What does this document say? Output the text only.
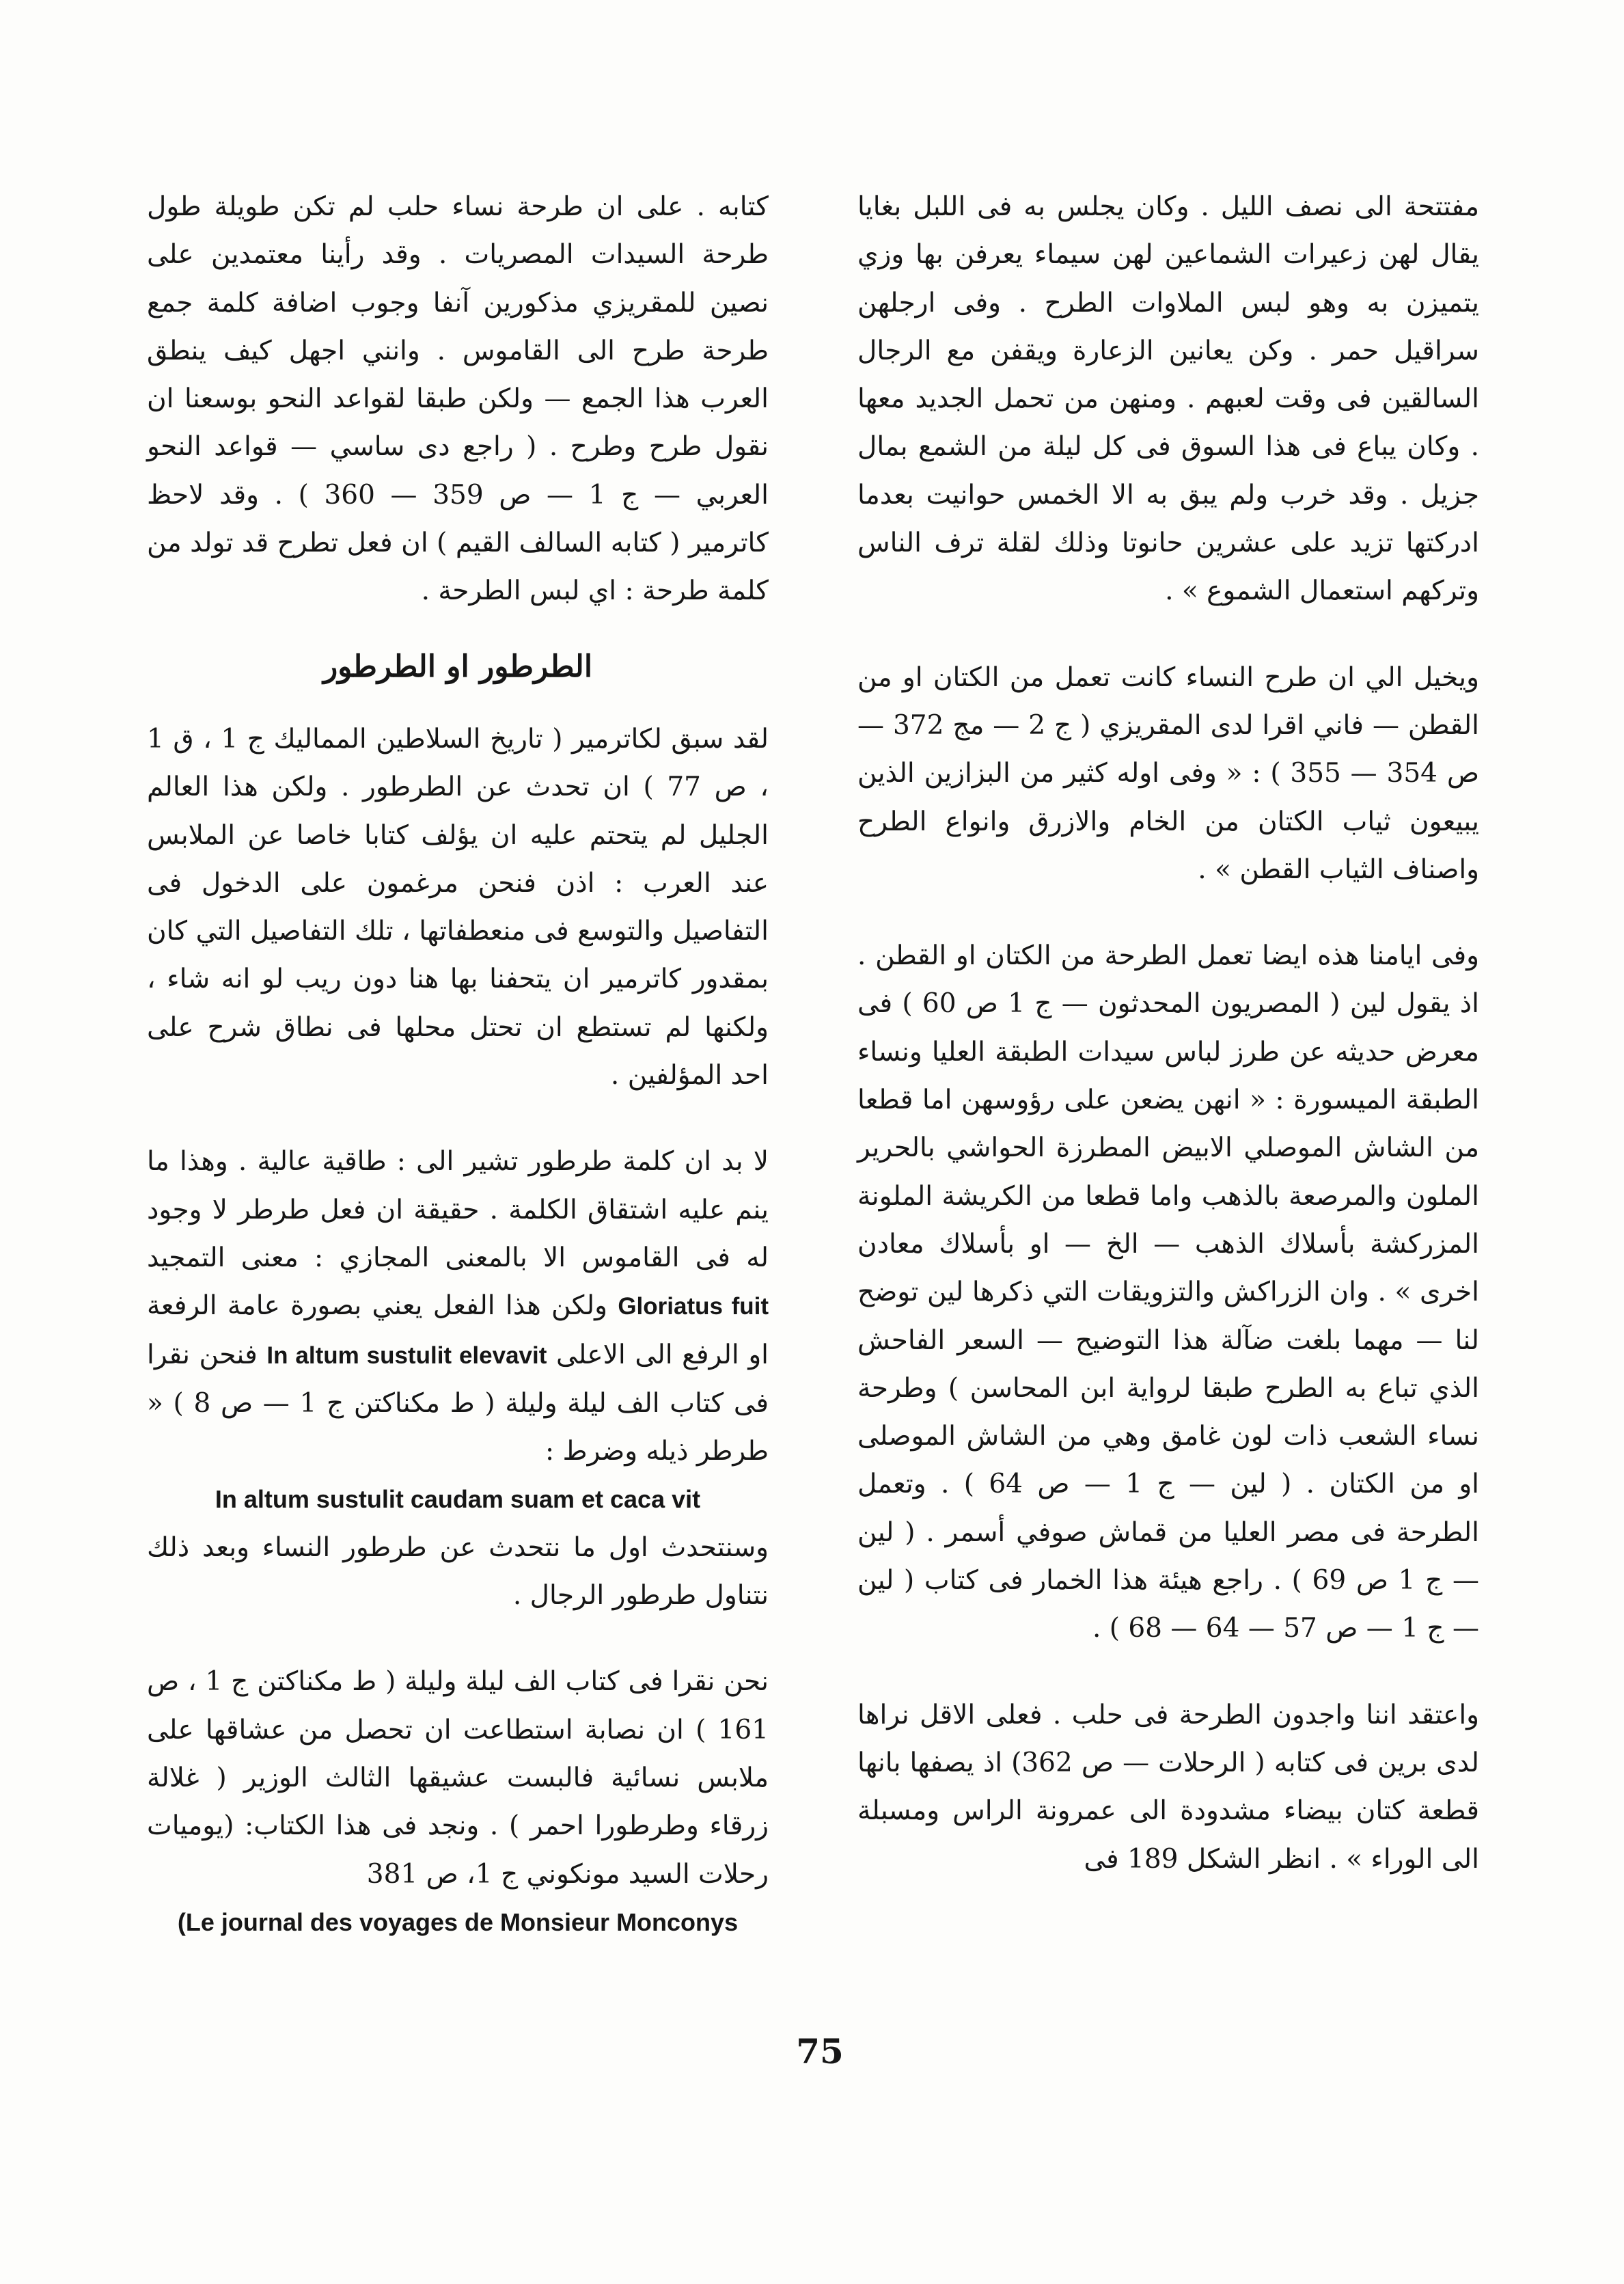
مفتتحة الى نصف الليل . وكان يجلس به فى اللبل بغايا يقال لهن زعيرات الشماعين لهن سيماء يعرفن بها وزي يتميزن به وهو لبس الملاوات الطرح . وفى ارجلهن سراقيل حمر . وكن يعانين الزعارة ويقفن مع الرجال السالقين فى وقت لعبهم . ومنهن من تحمل الجديد معها . وكان يباع فى هذا السوق فى كل ليلة من الشمع بمال جزيل . وقد خرب ولم يبق به الا الخمس حوانيت بعدما ادركتها تزيد على عشرين حانوتا وذلك لقلة ترف الناس وتركهم استعمال الشموع » .

ويخيل الي ان طرح النساء كانت تعمل من الكتان او من القطن — فاني اقرا لدى المقريزي ( ج 2 — مج 372 — ص 354 — 355 ) : « وفى اوله كثير من البزازين الذين يبيعون ثياب الكتان من الخام والازرق وانواع الطرح واصناف الثياب القطن » .

وفى ايامنا هذه ايضا تعمل الطرحة من الكتان او القطن . اذ يقول لين ( المصريون المحدثون — ج 1 ص 60 ) فى معرض حديثه عن طرز لباس سيدات الطبقة العليا ونساء الطبقة الميسورة : « انهن يضعن على رؤوسهن اما قطعا من الشاش الموصلي الابيض المطرزة الحواشي بالحرير الملون والمرصعة بالذهب واما قطعا من الكريشة الملونة المزركشة بأسلاك الذهب — الخ — او بأسلاك معادن اخرى » . وان الزراكش والتزويقات التي ذكرها لين توضح لنا — مهما بلغت ضآلة هذا التوضيح — السعر الفاحش الذي تباع به الطرح طبقا لرواية ابن المحاسن ) وطرحة نساء الشعب ذات لون غامق وهي من الشاش الموصلى او من الكتان . ( لين — ج 1 — ص 64 ) . وتعمل الطرحة فى مصر العليا من قماش صوفي أسمر . ( لين — ج 1 ص 69 ) . راجع هيئة هذا الخمار فى كتاب ( لين — ج 1 — ص 57 — 64 — 68 ) .

واعتقد اننا واجدون الطرحة فى حلب . فعلى الاقل نراها لدى برين فى كتابه ( الرحلات — ص 362) اذ يصفها بانها قطعة كتان بيضاء مشدودة الى عمرونة الراس ومسبلة الى الوراء » . انظر الشكل 189 فى

كتابه . على ان طرحة نساء حلب لم تكن طويلة طول طرحة السيدات المصريات . وقد رأينا معتمدين على نصين للمقريزي مذكورين آنفا وجوب اضافة كلمة جمع طرحة طرح الى القاموس . وانني اجهل كيف ينطق العرب هذا الجمع — ولكن طبقا لقواعد النحو بوسعنا ان نقول طرح وطرح . ( راجع دى ساسي — قواعد النحو العربي — ج 1 — ص 359 — 360 ) . وقد لاحظ كاترمير ( كتابه السالف القيم ) ان فعل تطرح قد تولد من كلمة طرحة : اي لبس الطرحة .

الطرطور او الطرطور

لقد سبق لكاترمير ( تاريخ السلاطين المماليك ج 1 ، ق 1 ، ص 77 ) ان تحدث عن الطرطور . ولكن هذا العالم الجليل لم يتحتم عليه ان يؤلف كتابا خاصا عن الملابس عند العرب : اذن فنحن مرغمون على الدخول فى التفاصيل والتوسع فى منعطفاتها ، تلك التفاصيل التي كان بمقدور كاترمير ان يتحفنا بها هنا دون ريب لو انه شاء ، ولكنها لم تستطع ان تحتل محلها فى نطاق شرح على احد المؤلفين .

لا بد ان كلمة طرطور تشير الى : طاقية عالية . وهذا ما ينم عليه اشتقاق الكلمة . حقيقة ان فعل طرطر لا وجود له فى القاموس الا بالمعنى المجازي : معنى التمجيد Gloriatus fuit ولكن هذا الفعل يعني بصورة عامة الرفعة او الرفع الى الاعلى In altum sustulit elevavit فنحن نقرا فى كتاب الف ليلة وليلة ( ط مكناكتن ج 1 — ص 8 ) « طرطر ذيله وضرط :
In altum sustulit caudam suam et caca vit
وسنتحدث اول ما نتحدث عن طرطور النساء وبعد ذلك نتناول طرطور الرجال .

نحن نقرا فى كتاب الف ليلة وليلة ( ط مكناكتن ج 1 ، ص 161 ) ان نصابة استطاعت ان تحصل من عشاقها على ملابس نسائية فالبست عشيقها الثالث الوزير ( غلالة زرقاء وطرطورا احمر ) . ونجد فى هذا الكتاب: (يوميات رحلات السيد مونكوني ج 1، ص 381
(Le journal des voyages de Monsieur Monconys

75
